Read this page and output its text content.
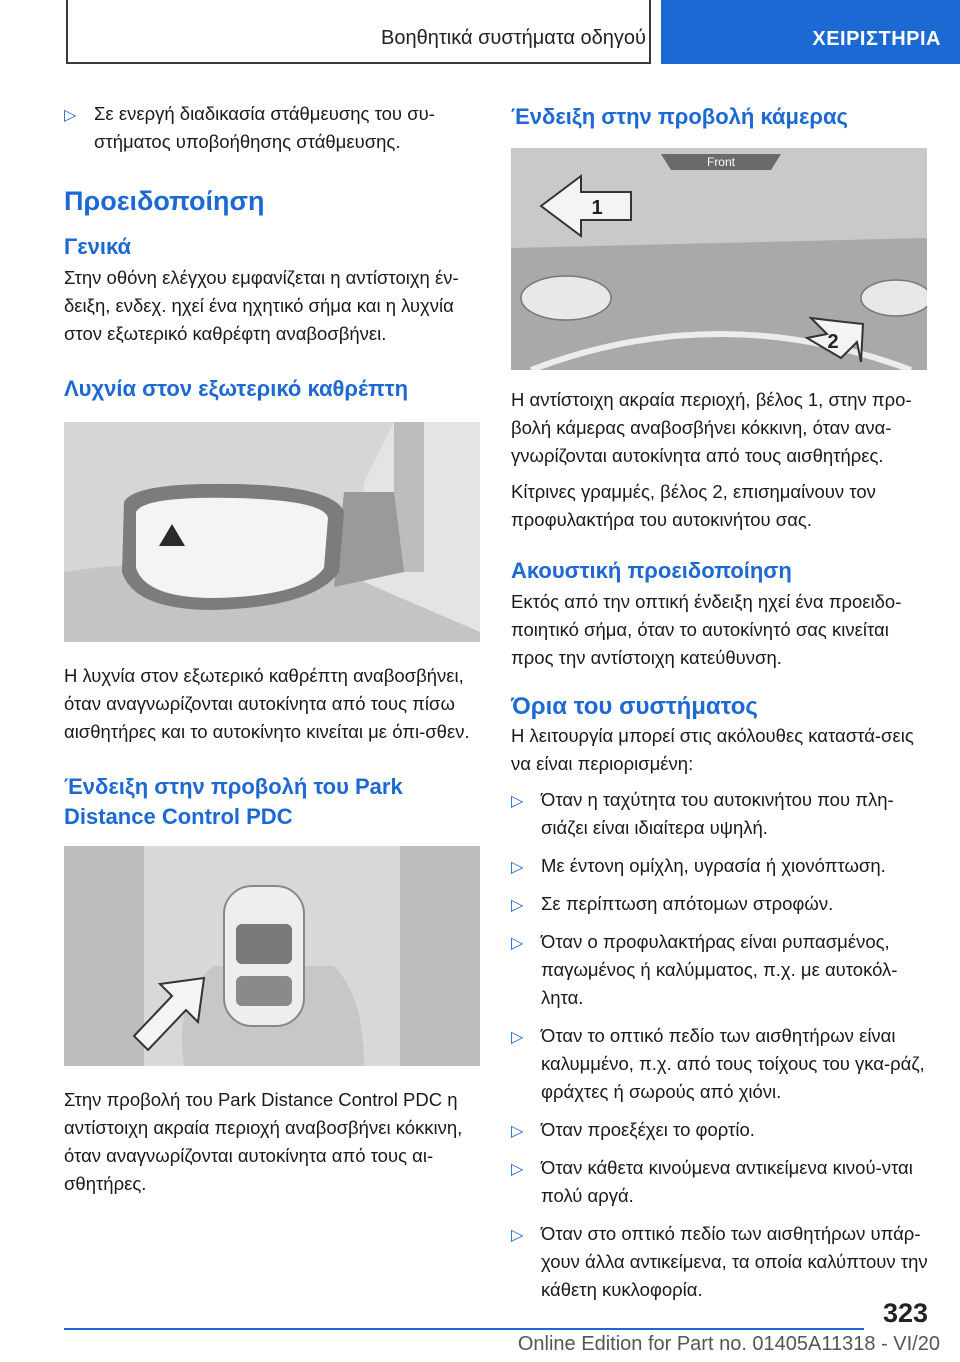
Βοηθητικά συστήματα οδηγού	ΧΕΙΡΙΣΤΗΡΙΑ
▷ Σε ενεργή διαδικασία στάθμευσης του συ-στήματος υποβοήθησης στάθμευσης.
Προειδοποίηση
Γενικά
Στην οθόνη ελέγχου εμφανίζεται η αντίστοιχη έν-δειξη, ενδεχ. ηχεί ένα ηχητικό σήμα και η λυχνία στον εξωτερικό καθρέφτη αναβοσβήνει.
Λυχνία στον εξωτερικό καθρέπτη
Η λυχνία στον εξωτερικό καθρέπτη αναβοσβήνει, όταν αναγνωρίζονται αυτοκίνητα από τους πίσω αισθητήρες και το αυτοκίνητο κινείται με όπι-σθεν.
Ένδειξη στην προβολή του Park Distance Control PDC
Στην προβολή του Park Distance Control PDC η αντίστοιχη ακραία περιοχή αναβοσβήνει κόκκινη, όταν αναγνωρίζονται αυτοκίνητα από τους αι-σθητήρες.
Ένδειξη στην προβολή κάμερας
Front
1
2
Η αντίστοιχη ακραία περιοχή, βέλος 1, στην προ-βολή κάμερας αναβοσβήνει κόκκινη, όταν ανα-γνωρίζονται αυτοκίνητα από τους αισθητήρες.
Κίτρινες γραμμές, βέλος 2, επισημαίνουν τον προφυλακτήρα του αυτοκινήτου σας.
Ακουστική προειδοποίηση
Εκτός από την οπτική ένδειξη ηχεί ένα προειδο-ποιητικό σήμα, όταν το αυτοκίνητό σας κινείται προς την αντίστοιχη κατεύθυνση.
Όρια του συστήματος
Η λειτουργία μπορεί στις ακόλουθες καταστά-σεις να είναι περιορισμένη:
▷ Όταν η ταχύτητα του αυτοκινήτου που πλη-σιάζει είναι ιδιαίτερα υψηλή.
▷ Με έντονη ομίχλη, υγρασία ή χιονόπτωση.
▷ Σε περίπτωση απότομων στροφών.
▷ Όταν ο προφυλακτήρας είναι ρυπασμένος, παγωμένος ή καλύμματος, π.χ. με αυτοκόλ-λητα.
▷ Όταν το οπτικό πεδίο των αισθητήρων είναι καλυμμένο, π.χ. από τους τοίχους του γκα-ράζ, φράχτες ή σωρούς από χιόνι.
▷ Όταν προεξέχει το φορτίο.
▷ Όταν κάθετα κινούμενα αντικείμενα κινού-νται πολύ αργά.
▷ Όταν στο οπτικό πεδίο των αισθητήρων υπάρ-χουν άλλα αντικείμενα, τα οποία καλύπτουν την κάθετη κυκλοφορία.
323
Online Edition for Part no. 01405A11318 - VI/20
